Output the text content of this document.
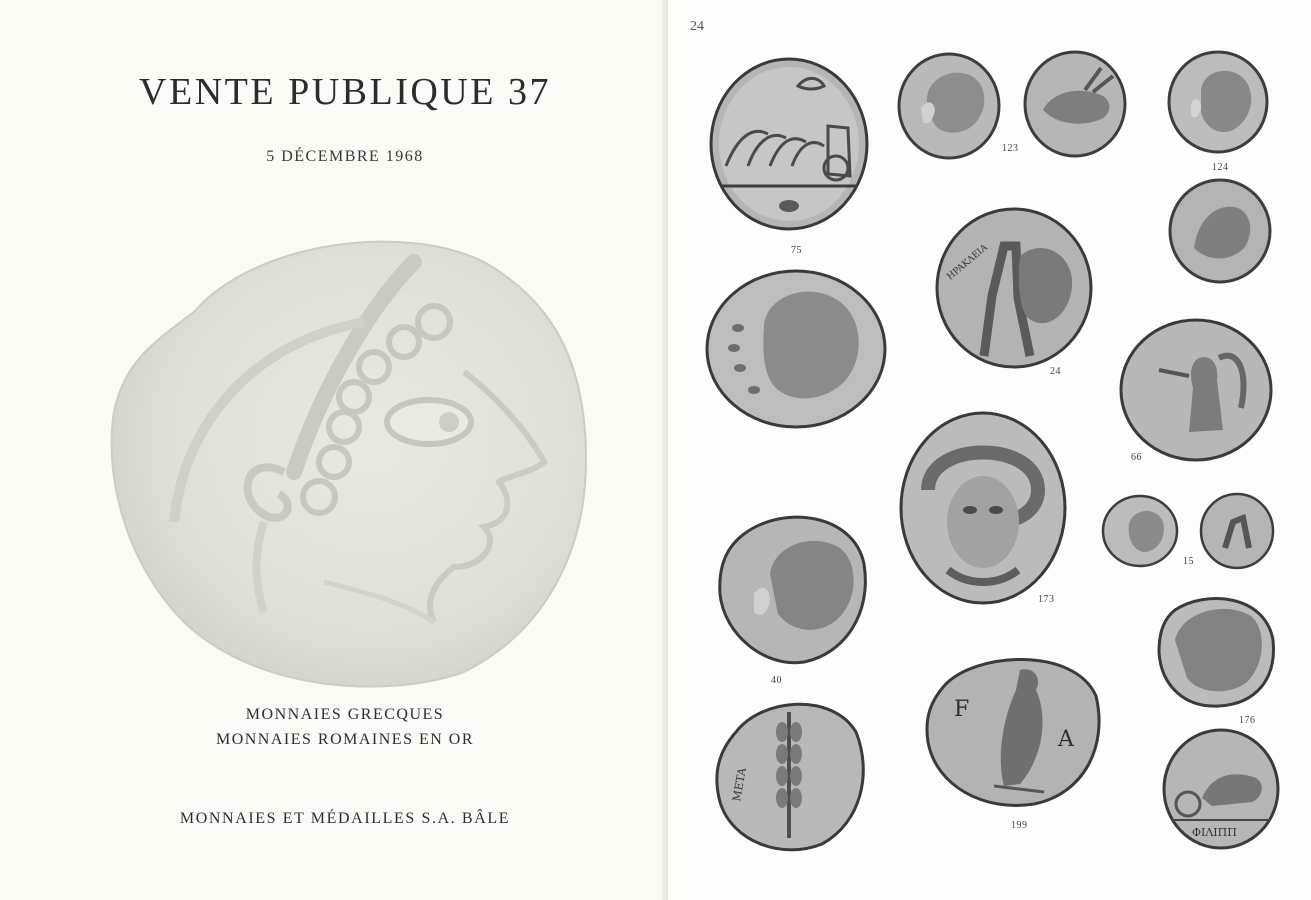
VENTE PUBLIQUE 37
5 DÉCEMBRE 1968
MONNAIES GRECQUES
MONNAIES ROMAINES EN OR
MONNAIES ET MÉDAILLES S.A. BÂLE
24
75
123
124
HPAKΛEIA
24
66
173
40
15
176
META
F
A
199
ΦIΛIΠΠ
